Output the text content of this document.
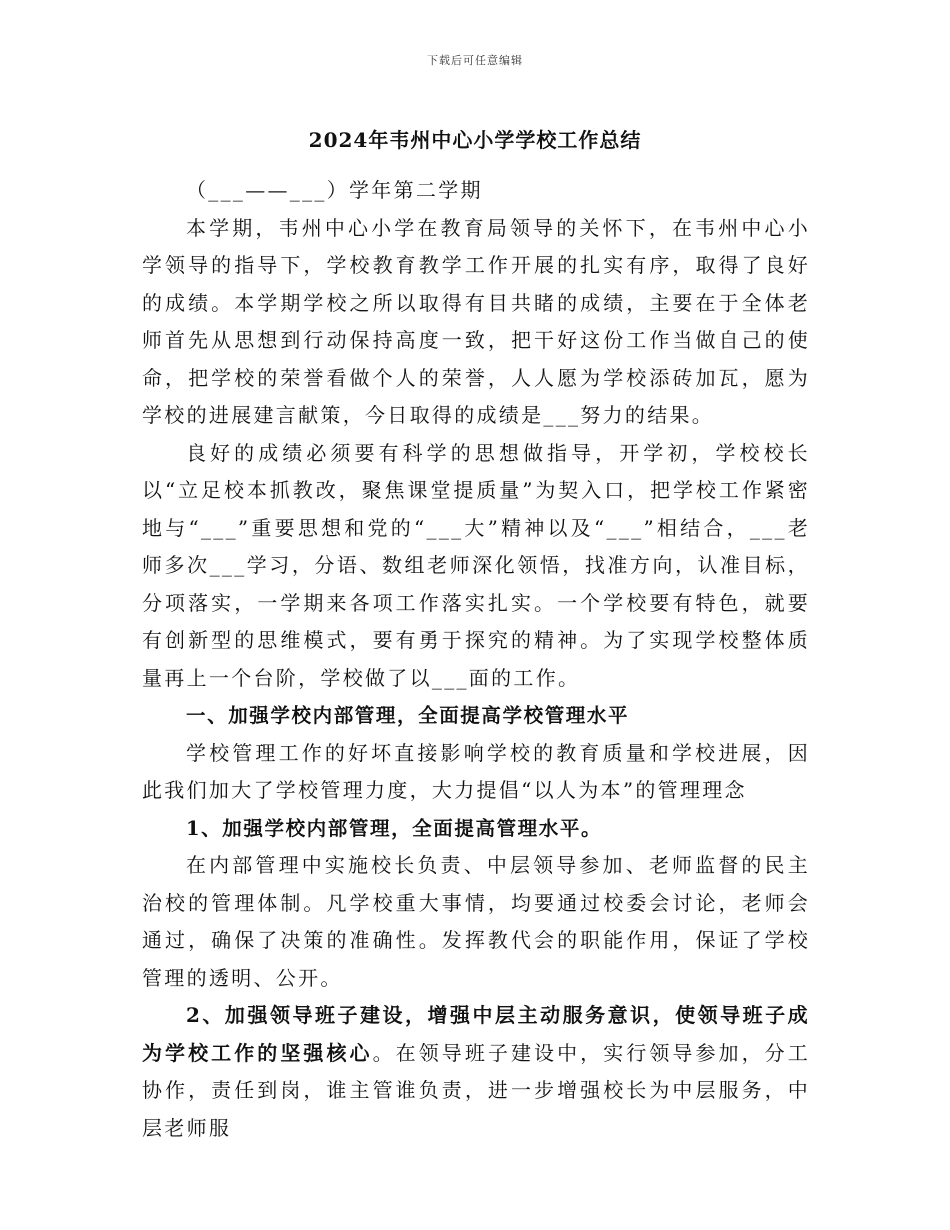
下载后可任意编辑
2024年韦州中心小学学校工作总结

（___——___）学年第二学期

本学期，韦州中心小学在教育局领导的关怀下，在韦州中心小学领导的指导下，学校教育教学工作开展的扎实有序，取得了良好的成绩。本学期学校之所以取得有目共睹的成绩，主要在于全体老师首先从思想到行动保持高度一致，把干好这份工作当做自己的使命，把学校的荣誉看做个人的荣誉，人人愿为学校添砖加瓦，愿为学校的进展建言献策，今日取得的成绩是___努力的结果。

良好的成绩必须要有科学的思想做指导，开学初，学校校长以“立足校本抓教改，聚焦课堂提质量”为契入口，把学校工作紧密地与“___”重要思想和党的“___大”精神以及“___”相结合，___老师多次___学习，分语、数组老师深化领悟，找准方向，认准目标，分项落实，一学期来各项工作落实扎实。一个学校要有特色，就要有创新型的思维模式，要有勇于探究的精神。为了实现学校整体质量再上一个台阶，学校做了以___面的工作。

一、加强学校内部管理，全面提高学校管理水平

学校管理工作的好坏直接影响学校的教育质量和学校进展，因此我们加大了学校管理力度，大力提倡“以人为本”的管理理念

1、加强学校内部管理，全面提高管理水平。

在内部管理中实施校长负责、中层领导参加、老师监督的民主治校的管理体制。凡学校重大事情，均要通过校委会讨论，老师会通过，确保了决策的准确性。发挥教代会的职能作用，保证了学校管理的透明、公开。

2、加强领导班子建设，增强中层主动服务意识，使领导班子成为学校工作的坚强核心。在领导班子建设中，实行领导参加，分工协作，责任到岗，谁主管谁负责，进一步增强校长为中层服务，中层老师服
